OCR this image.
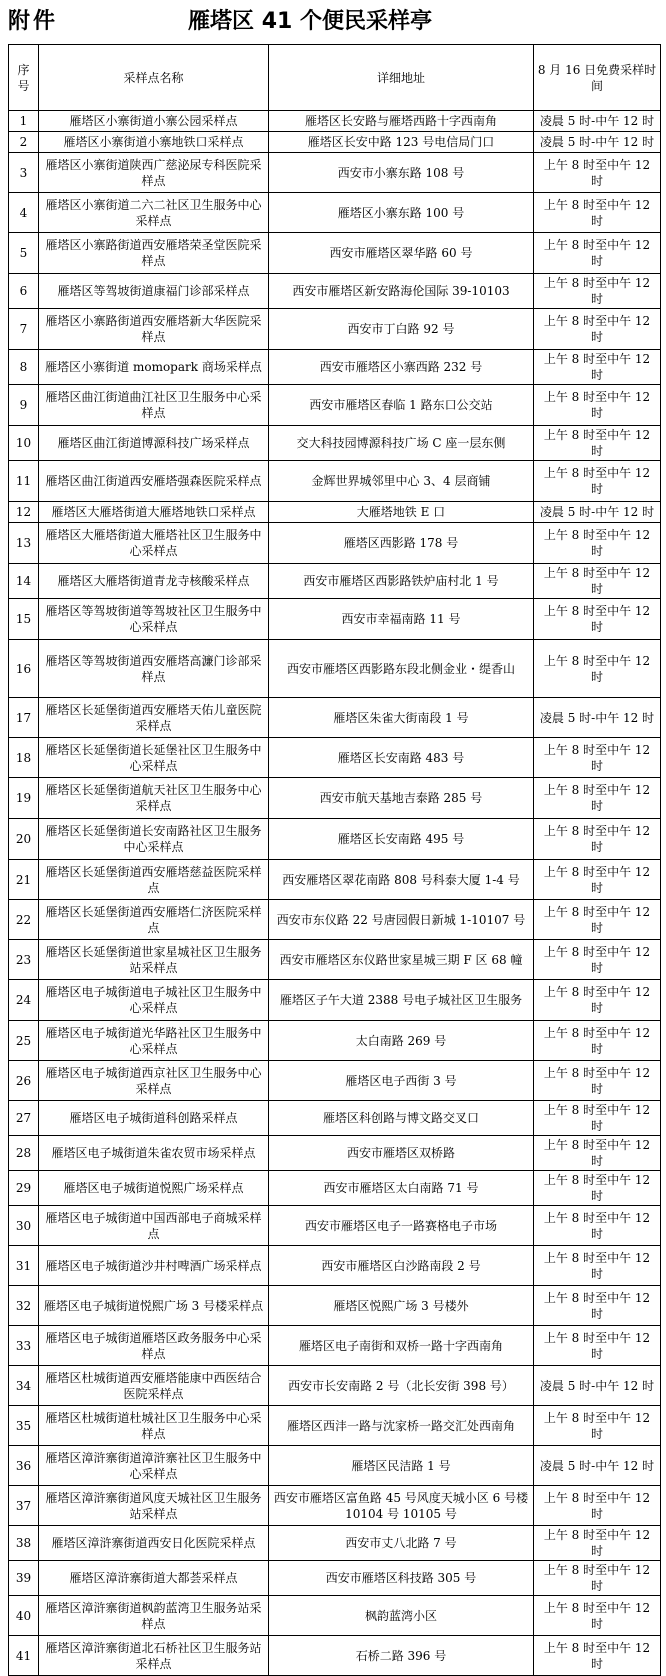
附件	雁塔区 41 个便民采样亭
序号	采样点名称	详细地址	8 月 16 日免费采样时间
1	雁塔区小寨街道小寨公园采样点	雁塔区长安路与雁塔西路十字西南角	凌晨 5 时-中午 12 时
2	雁塔区小寨街道小寨地铁口采样点	雁塔区长安中路 123 号电信局门口	凌晨 5 时-中午 12 时
3	雁塔区小寨街道陕西广慈泌尿专科医院采样点	西安市小寨东路 108 号	上午 8 时至中午 12 时
4	雁塔区小寨街道二六二社区卫生服务中心采样点	雁塔区小寨东路 100 号	上午 8 时至中午 12 时
5	雁塔区小寨路街道西安雁塔荣圣堂医院采样点	西安市雁塔区翠华路 60 号	上午 8 时至中午 12 时
6	雁塔区等驾坡街道康福门诊部采样点	西安市雁塔区新安路海伦国际 39-10103	上午 8 时至中午 12 时
7	雁塔区小寨路街道西安雁塔新大华医院采样点	西安市丁白路 92 号	上午 8 时至中午 12 时
8	雁塔区小寨街道 momopark 商场采样点	西安市雁塔区小寨西路 232 号	上午 8 时至中午 12 时
9	雁塔区曲江街道曲江社区卫生服务中心采样点	西安市雁塔区春临 1 路东口公交站	上午 8 时至中午 12 时
10	雁塔区曲江街道博源科技广场采样点	交大科技园博源科技广场 C 座一层东侧	上午 8 时至中午 12 时
11	雁塔区曲江街道西安雁塔强森医院采样点	金辉世界城邻里中心 3、4 层商铺	上午 8 时至中午 12 时
12	雁塔区大雁塔街道大雁塔地铁口采样点	大雁塔地铁 E 口	凌晨 5 时-中午 12 时
13	雁塔区大雁塔街道大雁塔社区卫生服务中心采样点	雁塔区西影路 178 号	上午 8 时至中午 12 时
14	雁塔区大雁塔街道青龙寺核酸采样点	西安市雁塔区西影路铁炉庙村北 1 号	上午 8 时至中午 12 时
15	雁塔区等驾坡街道等驾坡社区卫生服务中心采样点	西安市幸福南路 11 号	上午 8 时至中午 12 时
16	雁塔区等驾坡街道西安雁塔高濂门诊部采样点	西安市雁塔区西影路东段北侧金业・缇香山	上午 8 时至中午 12 时
17	雁塔区长延堡街道西安雁塔天佑儿童医院采样点	雁塔区朱雀大街南段 1 号	凌晨 5 时-中午 12 时
18	雁塔区长延堡街道长延堡社区卫生服务中心采样点	雁塔区长安南路 483 号	上午 8 时至中午 12 时
19	雁塔区长延堡街道航天社区卫生服务中心采样点	西安市航天基地吉泰路 285 号	上午 8 时至中午 12 时
20	雁塔区长延堡街道长安南路社区卫生服务中心采样点	雁塔区长安南路 495 号	上午 8 时至中午 12 时
21	雁塔区长延堡街道西安雁塔慈益医院采样点	西安雁塔区翠花南路 808 号科泰大厦 1-4 号	上午 8 时至中午 12 时
22	雁塔区长延堡街道西安雁塔仁济医院采样点	西安市东仪路 22 号唐园假日新城 1-10107 号	上午 8 时至中午 12 时
23	雁塔区长延堡街道世家星城社区卫生服务站采样点	西安市雁塔区东仪路世家星城三期 F 区 68 幢	上午 8 时至中午 12 时
24	雁塔区电子城街道电子城社区卫生服务中心采样点	雁塔区子午大道 2388 号电子城社区卫生服务	上午 8 时至中午 12 时
25	雁塔区电子城街道光华路社区卫生服务中心采样点	太白南路 269 号	上午 8 时至中午 12 时
26	雁塔区电子城街道西京社区卫生服务中心采样点	雁塔区电子西街 3 号	上午 8 时至中午 12 时
27	雁塔区电子城街道科创路采样点	雁塔区科创路与博文路交叉口	上午 8 时至中午 12 时
28	雁塔区电子城街道朱雀农贸市场采样点	西安市雁塔区双桥路	上午 8 时至中午 12 时
29	雁塔区电子城街道悦熙广场采样点	西安市雁塔区太白南路 71 号	上午 8 时至中午 12 时
30	雁塔区电子城街道中国西部电子商城采样点	西安市雁塔区电子一路赛格电子市场	上午 8 时至中午 12 时
31	雁塔区电子城街道沙井村啤酒广场采样点	西安市雁塔区白沙路南段 2 号	上午 8 时至中午 12 时
32	雁塔区电子城街道悦熙广场 3 号楼采样点	雁塔区悦熙广场 3 号楼外	上午 8 时至中午 12 时
33	雁塔区电子城街道雁塔区政务服务中心采样点	雁塔区电子南街和双桥一路十字西南角	上午 8 时至中午 12 时
34	雁塔区杜城街道西安雁塔能康中西医结合医院采样点	西安市长安南路 2 号（北长安街 398 号）	凌晨 5 时-中午 12 时
35	雁塔区杜城街道杜城社区卫生服务中心采样点	雁塔区西沣一路与沈家桥一路交汇处西南角	上午 8 时至中午 12 时
36	雁塔区漳浒寨街道漳浒寨社区卫生服务中心采样点	雁塔区民洁路 1 号	凌晨 5 时-中午 12 时
37	雁塔区漳浒寨街道风度天城社区卫生服务站采样点	西安市雁塔区富鱼路 45 号风度天城小区 6 号楼 10104 号 10105 号	上午 8 时至中午 12 时
38	雁塔区漳浒寨街道西安日化医院采样点	西安市丈八北路 7 号	上午 8 时至中午 12 时
39	雁塔区漳浒寨街道大都荟采样点	西安市雁塔区科技路 305 号	上午 8 时至中午 12 时
40	雁塔区漳浒寨街道枫韵蓝湾卫生服务站采样点	枫韵蓝湾小区	上午 8 时至中午 12 时
41	雁塔区漳浒寨街道北石桥社区卫生服务站采样点	石桥二路 396 号	上午 8 时至中午 12 时
